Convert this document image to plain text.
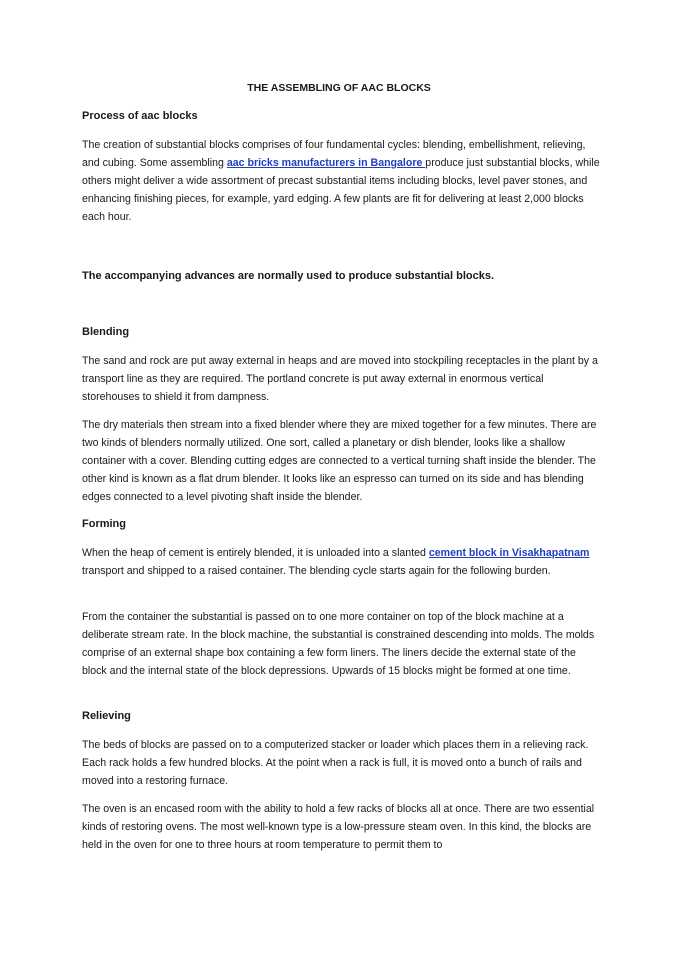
THE ASSEMBLING OF AAC BLOCKS
Process of aac blocks

The creation of substantial blocks comprises of four fundamental cycles: blending, embellishment, relieving, and cubing. Some assembling aac bricks manufacturers in Bangalore produce just substantial blocks, while others might deliver a wide assortment of precast substantial items including blocks, level paver stones, and enhancing finishing pieces, for example, yard edging. A few plants are fit for delivering at least 2,000 blocks each hour.

The accompanying advances are normally used to produce substantial blocks.
Blending

The sand and rock are put away external in heaps and are moved into stockpiling receptacles in the plant by a transport line as they are required. The portland concrete is put away external in enormous vertical storehouses to shield it from dampness.

The dry materials then stream into a fixed blender where they are mixed together for a few minutes. There are two kinds of blenders normally utilized. One sort, called a planetary or dish blender, looks like a shallow container with a cover. Blending cutting edges are connected to a vertical turning shaft inside the blender. The other kind is known as a flat drum blender. It looks like an espresso can turned on its side and has blending edges connected to a level pivoting shaft inside the blender.

Forming

When the heap of cement is entirely blended, it is unloaded into a slanted cement block in Visakhapatnam transport and shipped to a raised container. The blending cycle starts again for the following burden.

From the container the substantial is passed on to one more container on top of the block machine at a deliberate stream rate. In the block machine, the substantial is constrained descending into molds. The molds comprise of an external shape box containing a few form liners. The liners decide the external state of the block and the internal state of the block depressions. Upwards of 15 blocks might be formed at one time.

Relieving

The beds of blocks are passed on to a computerized stacker or loader which places them in a relieving rack. Each rack holds a few hundred blocks. At the point when a rack is full, it is moved onto a bunch of rails and moved into a restoring furnace.

The oven is an encased room with the ability to hold a few racks of blocks all at once. There are two essential kinds of restoring ovens. The most well-known type is a low-pressure steam oven. In this kind, the blocks are held in the oven for one to three hours at room temperature to permit them to
